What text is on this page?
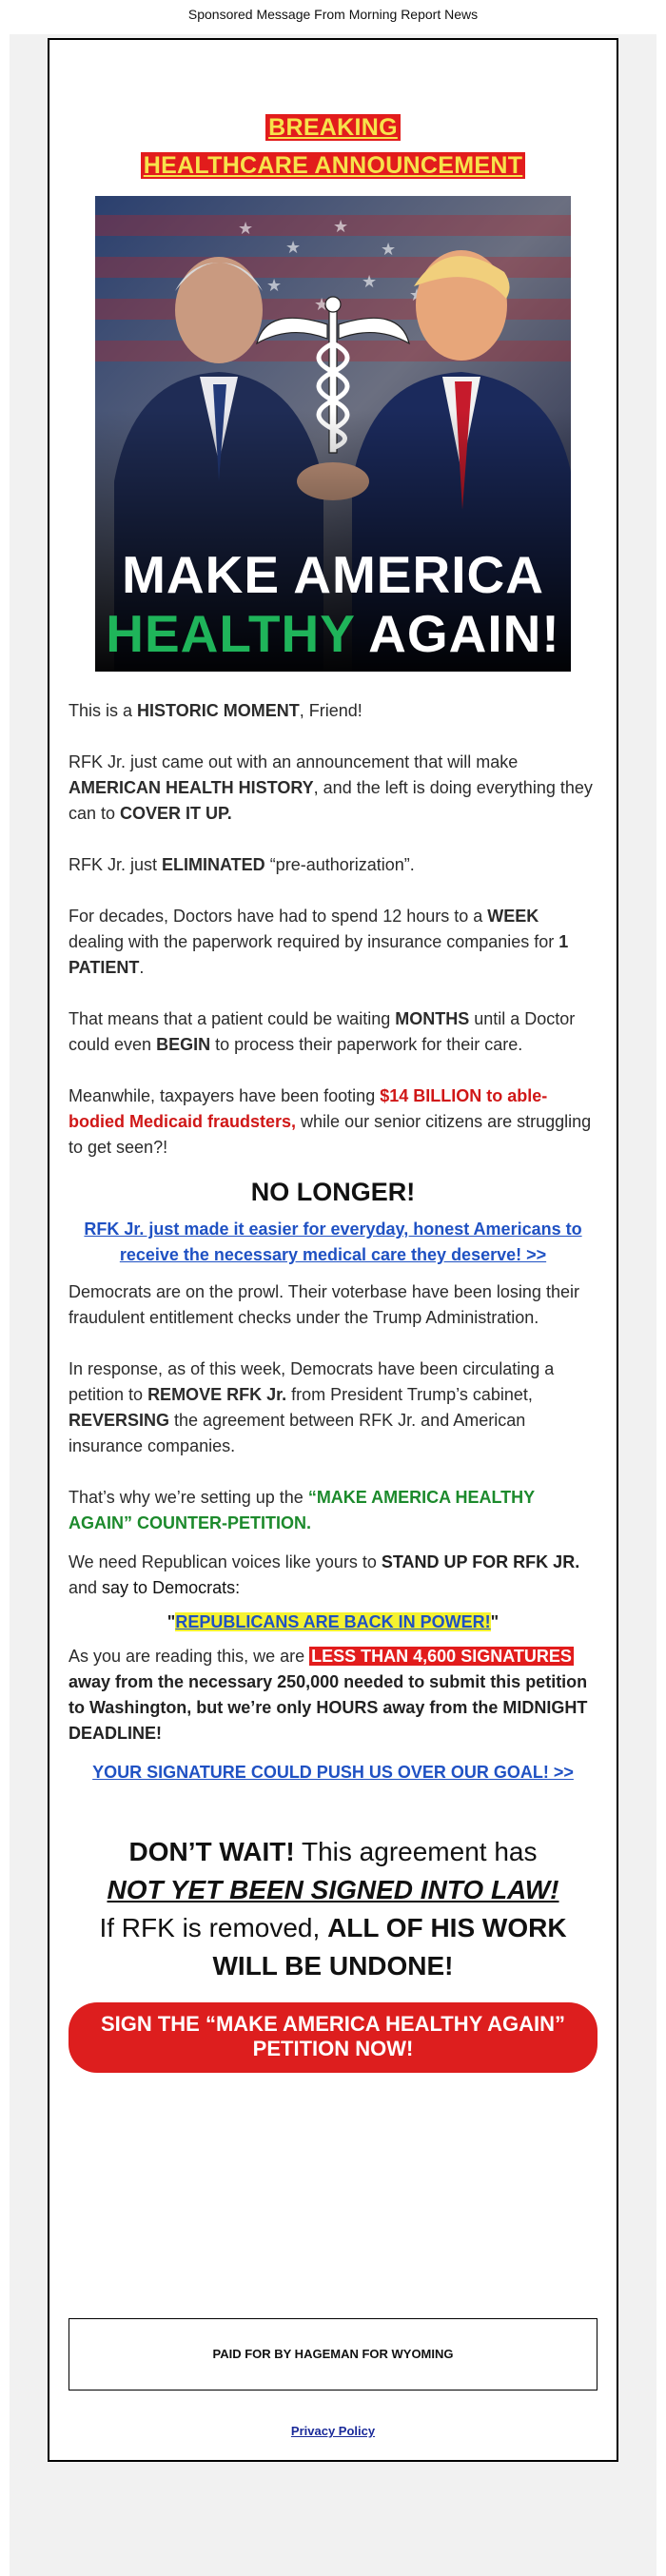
Sponsored Message From Morning Report News
BREAKING
HEALTHCARE ANNOUNCEMENT
MAKE AMERICA
HEALTHY AGAIN!

This is a HISTORIC MOMENT, Friend!

RFK Jr. just came out with an announcement that will make AMERICAN HEALTH HISTORY, and the left is doing everything they can to COVER IT UP.

RFK Jr. just ELIMINATED “pre-authorization”.

For decades, Doctors have had to spend 12 hours to a WEEK dealing with the paperwork required by insurance companies for 1 PATIENT.

That means that a patient could be waiting MONTHS until a Doctor could even BEGIN to process their paperwork for their care.

Meanwhile, taxpayers have been footing $14 BILLION to able-bodied Medicaid fraudsters, while our senior citizens are struggling to get seen?!

NO LONGER!
RFK Jr. just made it easier for everyday, honest Americans to receive the necessary medical care they deserve! >>

Democrats are on the prowl. Their voterbase have been losing their fraudulent entitlement checks under the Trump Administration.

In response, as of this week, Democrats have been circulating a petition to REMOVE RFK Jr. from President Trump’s cabinet, REVERSING the agreement between RFK Jr. and American insurance companies.

That’s why we’re setting up the “MAKE AMERICA HEALTHY AGAIN” COUNTER-PETITION.

We need Republican voices like yours to STAND UP FOR RFK JR. and say to Democrats:

"REPUBLICANS ARE BACK IN POWER!"

As you are reading this, we are LESS THAN 4,600 SIGNATURES away from the necessary 250,000 needed to submit this petition to Washington, but we’re only HOURS away from the MIDNIGHT DEADLINE!

YOUR SIGNATURE COULD PUSH US OVER OUR GOAL! >>
DON’T WAIT! This agreement has
NOT YET BEEN SIGNED INTO LAW!
If RFK is removed, ALL OF HIS WORK WILL BE UNDONE!
SIGN THE “MAKE AMERICA HEALTHY AGAIN” PETITION NOW!
PAID FOR BY HAGEMAN FOR WYOMING
Privacy Policy
